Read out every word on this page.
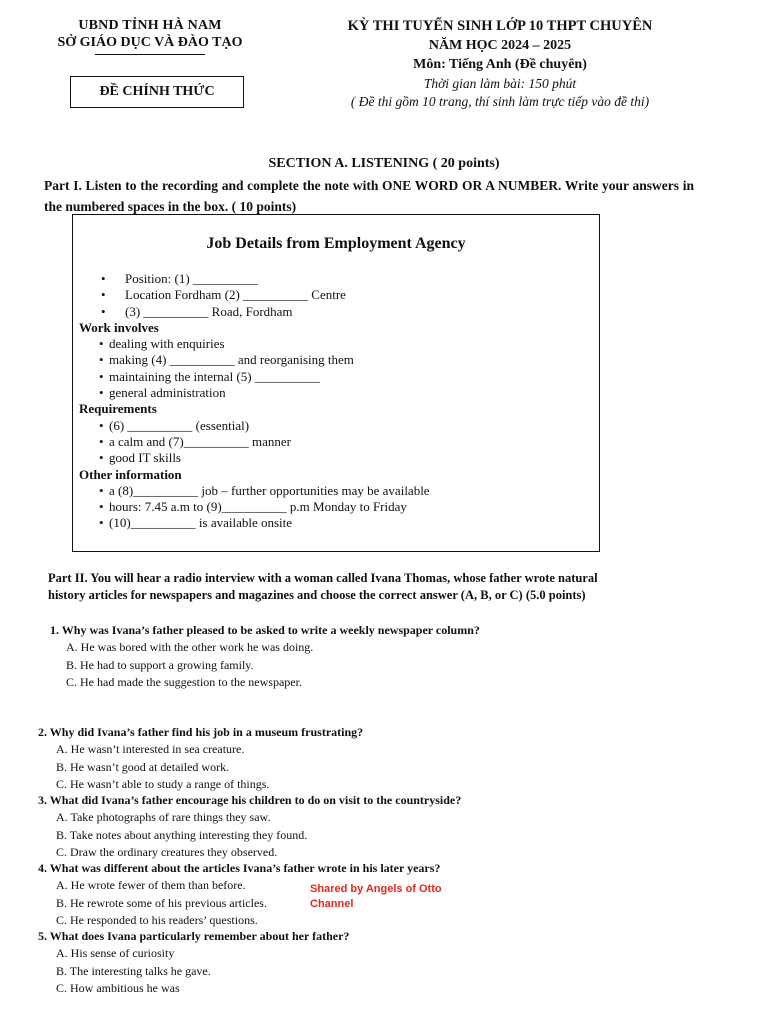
UBND TỈNH HÀ NAM
SỞ GIÁO DỤC VÀ ĐÀO TẠO
ĐỀ CHÍNH THỨC
KỲ THI TUYỂN SINH LỚP 10 THPT CHUYÊN
NĂM HỌC 2024 – 2025
Môn: Tiếng Anh (Đề chuyên)
Thời gian làm bài: 150 phút
( Đề thi gồm 10 trang, thí sinh làm trực tiếp vào đề thi)
SECTION A. LISTENING ( 20 points)
Part I. Listen to the recording and complete the note with ONE WORD OR A NUMBER. Write your answers in the numbered spaces in the box. ( 10 points)
Job Details from Employment Agency
• Position: (1) __________
• Location Fordham (2) __________ Centre
• (3) __________ Road, Fordham
Work involves
• dealing with enquiries
• making (4) __________ and reorganising them
• maintaining the internal (5) __________
• general administration
Requirements
• (6) __________ (essential)
• a calm and (7)__________ manner
• good IT skills
Other information
• a (8)__________ job – further opportunities may be available
• hours: 7.45 a.m to (9)__________ p.m Monday to Friday
• (10)__________ is available onsite
Part II. You will hear a radio interview with a woman called Ivana Thomas, whose father wrote natural history articles for newspapers and magazines and choose the correct answer (A, B, or C) (5.0 points)
1. Why was Ivana’s father pleased to be asked to write a weekly newspaper column?
A. He was bored with the other work he was doing.
B. He had to support a growing family.
C. He had made the suggestion to the newspaper.
2. Why did Ivana’s father find his job in a museum frustrating?
A. He wasn’t interested in sea creature.
B. He wasn’t good at detailed work.
C. He wasn’t able to study a range of things.
3. What did Ivana’s father encourage his children to do on visit to the countryside?
A. Take photographs of rare things they saw.
B. Take notes about anything interesting they found.
C. Draw the ordinary creatures they observed.
4. What was different about the articles Ivana’s father wrote in his later years?
A. He wrote fewer of them than before.
B. He rewrote some of his previous articles.
C. He responded to his readers’ questions.
5. What does Ivana particularly remember about her father?
A. His sense of curiosity
B. The interesting talks he gave.
C. How ambitious he was
Shared by Angels of Otto
Channel
